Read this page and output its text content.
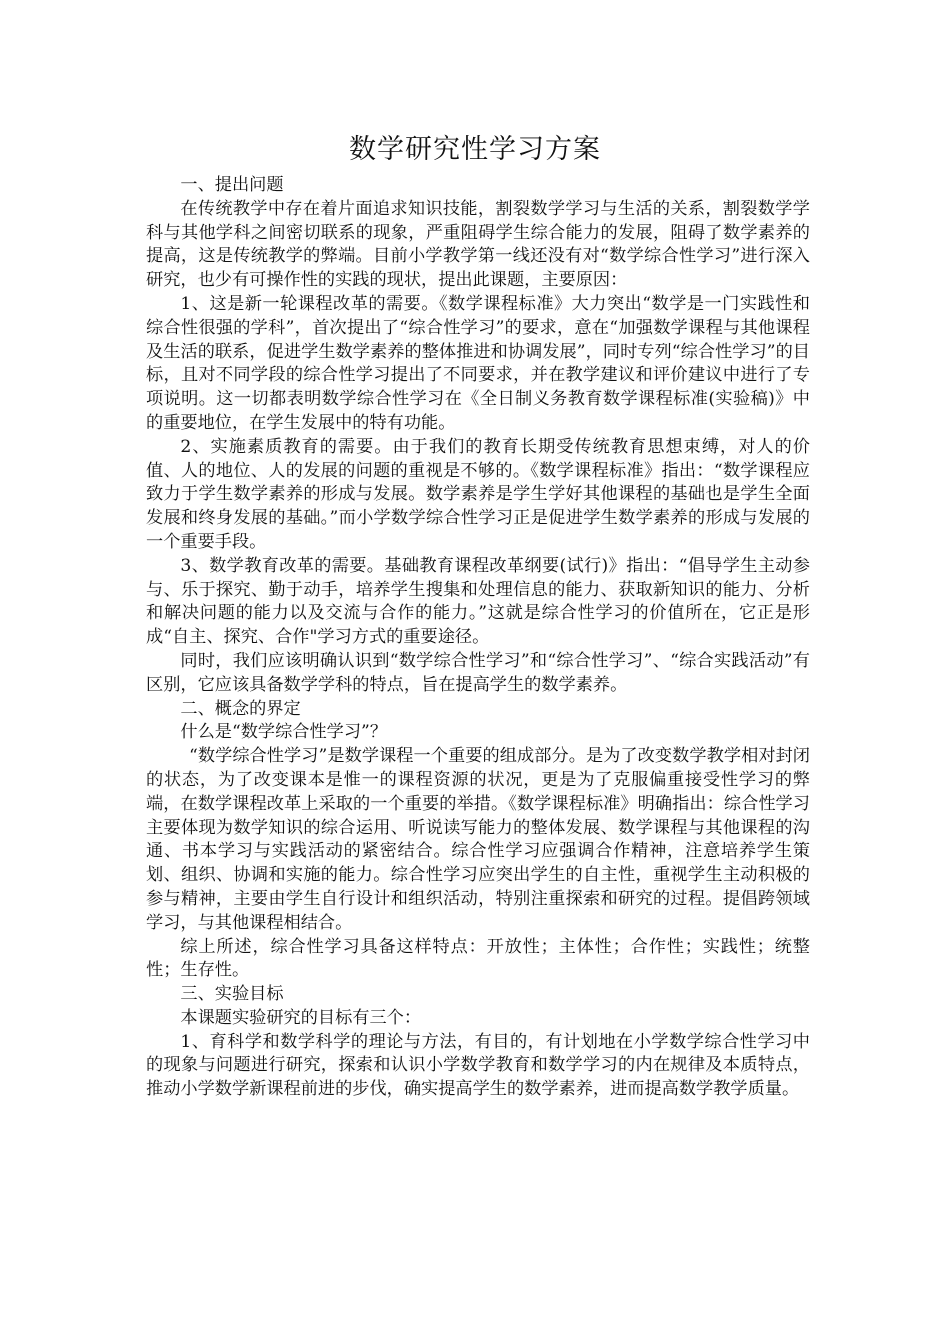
数学研究性学习方案

一、提出问题

在传统教学中存在着片面追求知识技能，割裂数学学习与生活的关系，割裂数学学科与其他学科之间密切联系的现象，严重阻碍学生综合能力的发展，阻碍了数学素养的提高，这是传统教学的弊端。目前小学教学第一线还没有对“数学综合性学习”进行深入研究，也少有可操作性的实践的现状，提出此课题，主要原因：

1、这是新一轮课程改革的需要。《数学课程标准》大力突出“数学是一门实践性和综合性很强的学科”，首次提出了“综合性学习”的要求，意在“加强数学课程与其他课程及生活的联系，促进学生数学素养的整体推进和协调发展”，同时专列“综合性学习”的目标，且对不同学段的综合性学习提出了不同要求，并在教学建议和评价建议中进行了专项说明。这一切都表明数学综合性学习在《全日制义务教育数学课程标准(实验稿)》中的重要地位，在学生发展中的特有功能。

2、实施素质教育的需要。由于我们的教育长期受传统教育思想束缚，对人的价值、人的地位、人的发展的问题的重视是不够的。《数学课程标准》指出：“数学课程应致力于学生数学素养的形成与发展。数学素养是学生学好其他课程的基础也是学生全面发展和终身发展的基础。”而小学数学综合性学习正是促进学生数学素养的形成与发展的一个重要手段。

3、数学教育改革的需要。基础教育课程改革纲要(试行)》指出：“倡导学生主动参与、乐于探究、勤于动手，培养学生搜集和处理信息的能力、获取新知识的能力、分析和解决问题的能力以及交流与合作的能力。”这就是综合性学习的价值所在，它正是形成“自主、探究、合作"学习方式的重要途径。

同时，我们应该明确认识到“数学综合性学习”和“综合性学习”、“综合实践活动”有区别，它应该具备数学学科的特点，旨在提高学生的数学素养。

二、概念的界定

什么是“数学综合性学习”？

“数学综合性学习”是数学课程一个重要的组成部分。是为了改变数学教学相对封闭的状态，为了改变课本是惟一的课程资源的状况，更是为了克服偏重接受性学习的弊端，在数学课程改革上采取的一个重要的举措。《数学课程标准》明确指出：综合性学习主要体现为数学知识的综合运用、听说读写能力的整体发展、数学课程与其他课程的沟通、书本学习与实践活动的紧密结合。综合性学习应强调合作精神，注意培养学生策划、组织、协调和实施的能力。综合性学习应突出学生的自主性，重视学生主动积极的参与精神，主要由学生自行设计和组织活动，特别注重探索和研究的过程。提倡跨领域学习，与其他课程相结合。

综上所述，综合性学习具备这样特点：开放性；主体性；合作性；实践性；统整性；生存性。

三、实验目标

本课题实验研究的目标有三个：

1、育科学和数学科学的理论与方法，有目的，有计划地在小学数学综合性学习中的现象与问题进行研究，探索和认识小学数学教育和数学学习的内在规律及本质特点，推动小学数学新课程前进的步伐，确实提高学生的数学素养，进而提高数学教学质量。
